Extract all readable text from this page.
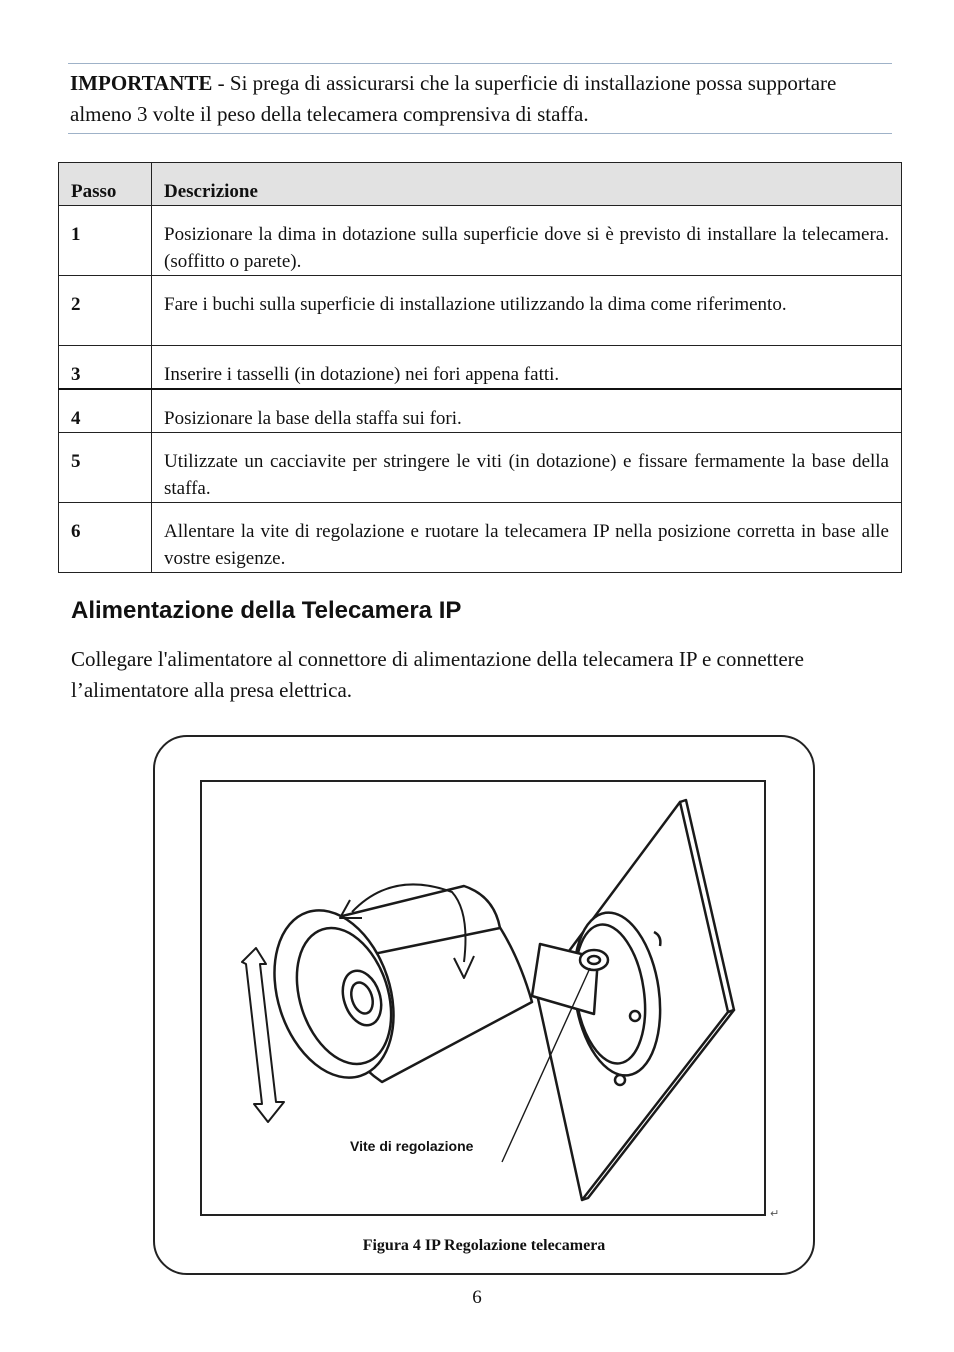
IMPORTANTE - Si prega di assicurarsi che la superficie di installazione possa supportare almeno 3 volte il peso della telecamera comprensiva di staffa.
Passo	Descrizione
1	Posizionare la dima in dotazione sulla superficie dove si è previsto di installare la telecamera. (soffitto o parete).
2	Fare i buchi sulla superficie di installazione utilizzando la dima come riferimento.
3	Inserire i tasselli (in dotazione) nei fori appena fatti.
4	Posizionare la base della staffa sui fori.
5	Utilizzate un cacciavite per stringere le viti (in dotazione) e fissare fermamente la base della staffa.
6	Allentare la vite di regolazione e ruotare la telecamera IP nella posizione corretta in base alle vostre esigenze.
Alimentazione della Telecamera IP

Collegare l'alimentatore al connettore di alimentazione della telecamera IP e connettere l’alimentatore alla presa elettrica.

Vite di regolazione
↵
Figura 4 IP Regolazione telecamera
6
